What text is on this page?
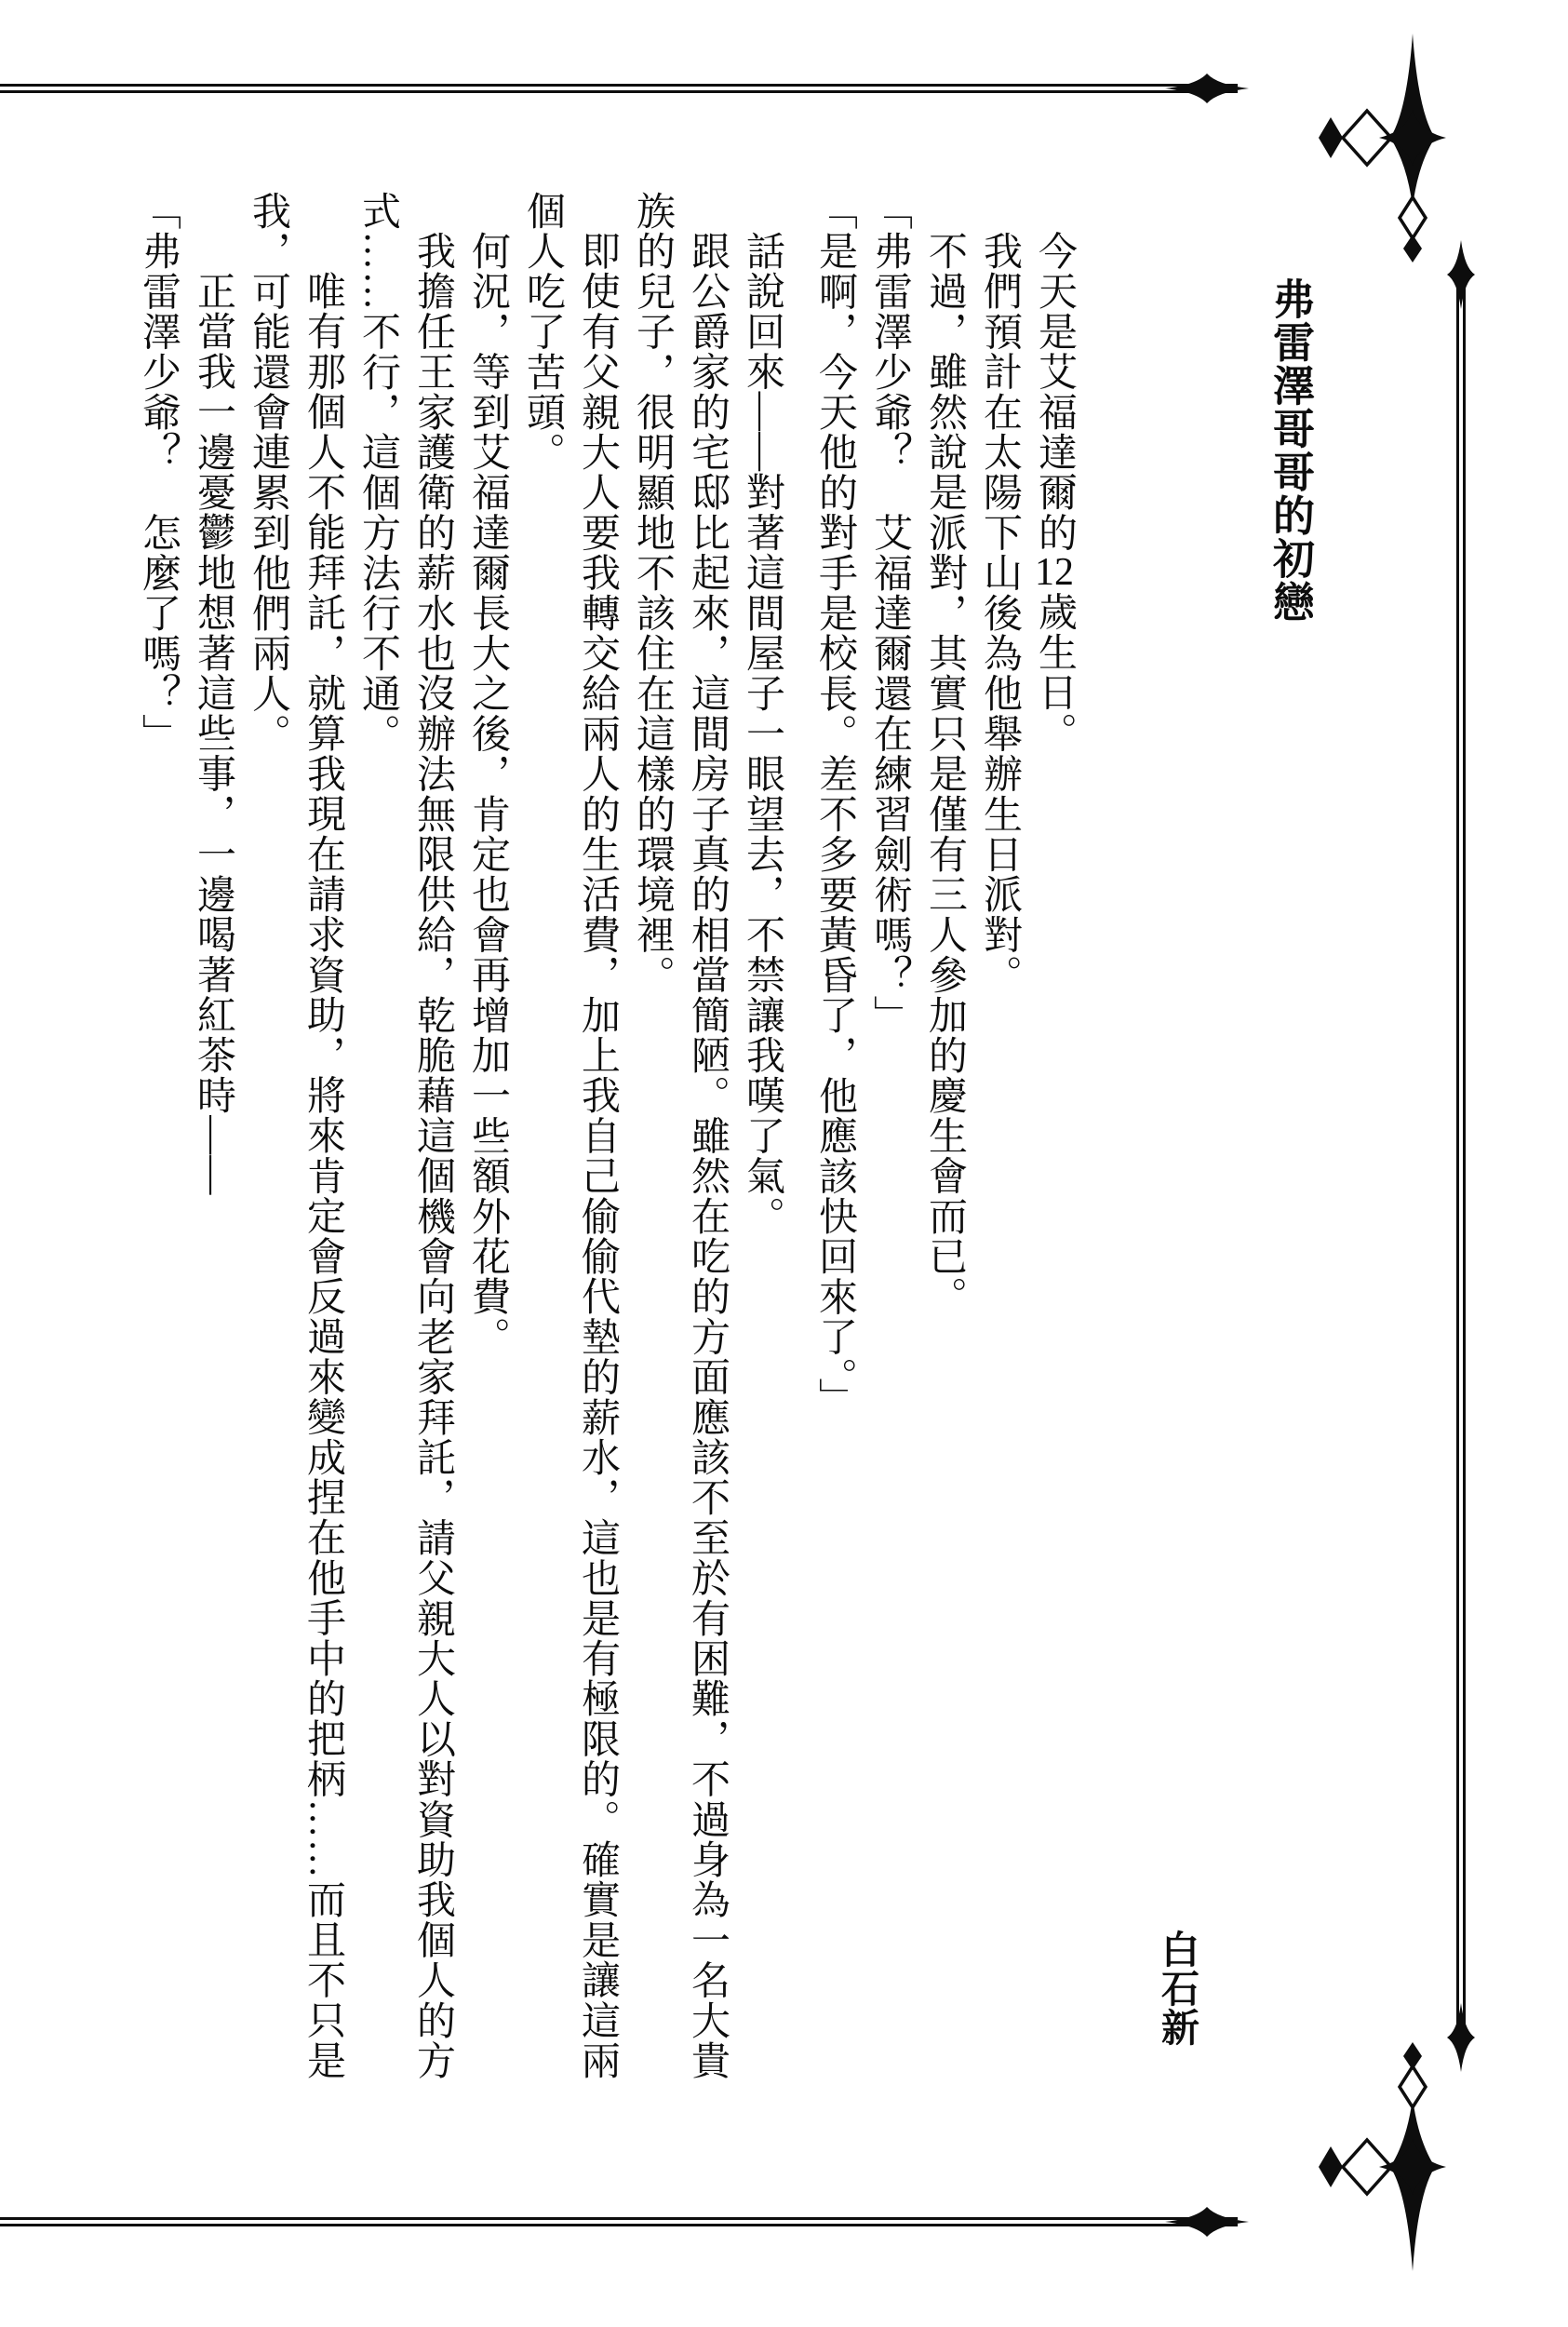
弗雷澤哥哥的初戀
白石新

今天是艾福達爾的12歲生日。

我們預計在太陽下山後為他舉辦生日派對。

不過，雖然說是派對，其實只是僅有三人參加的慶生會而已。

「弗雷澤少爺？　艾福達爾還在練習劍術嗎？」

「是啊，今天他的對手是校長。差不多要黃昏了，他應該快回來了。」

話說回來——對著這間屋子一眼望去，不禁讓我嘆了氣。

跟公爵家的宅邸比起來，這間房子真的相當簡陋。雖然在吃的方面應該不至於有困難，不過身為一名大貴族的兒子，很明顯地不該住在這樣的環境裡。

即使有父親大人要我轉交給兩人的生活費，加上我自己偷偷代墊的薪水，這也是有極限的。確實是讓這兩個人吃了苦頭。

何況，等到艾福達爾長大之後，肯定也會再增加一些額外花費。

我擔任王家護衛的薪水也沒辦法無限供給，乾脆藉這個機會向老家拜託，請父親大人以對資助我個人的方式……不行，這個方法行不通。

唯有那個人不能拜託，就算我現在請求資助，將來肯定會反過來變成捏在他手中的把柄……而且不只是我，可能還會連累到他們兩人。

正當我一邊憂鬱地想著這些事，一邊喝著紅茶時——

「弗雷澤少爺？　怎麼了嗎？」
